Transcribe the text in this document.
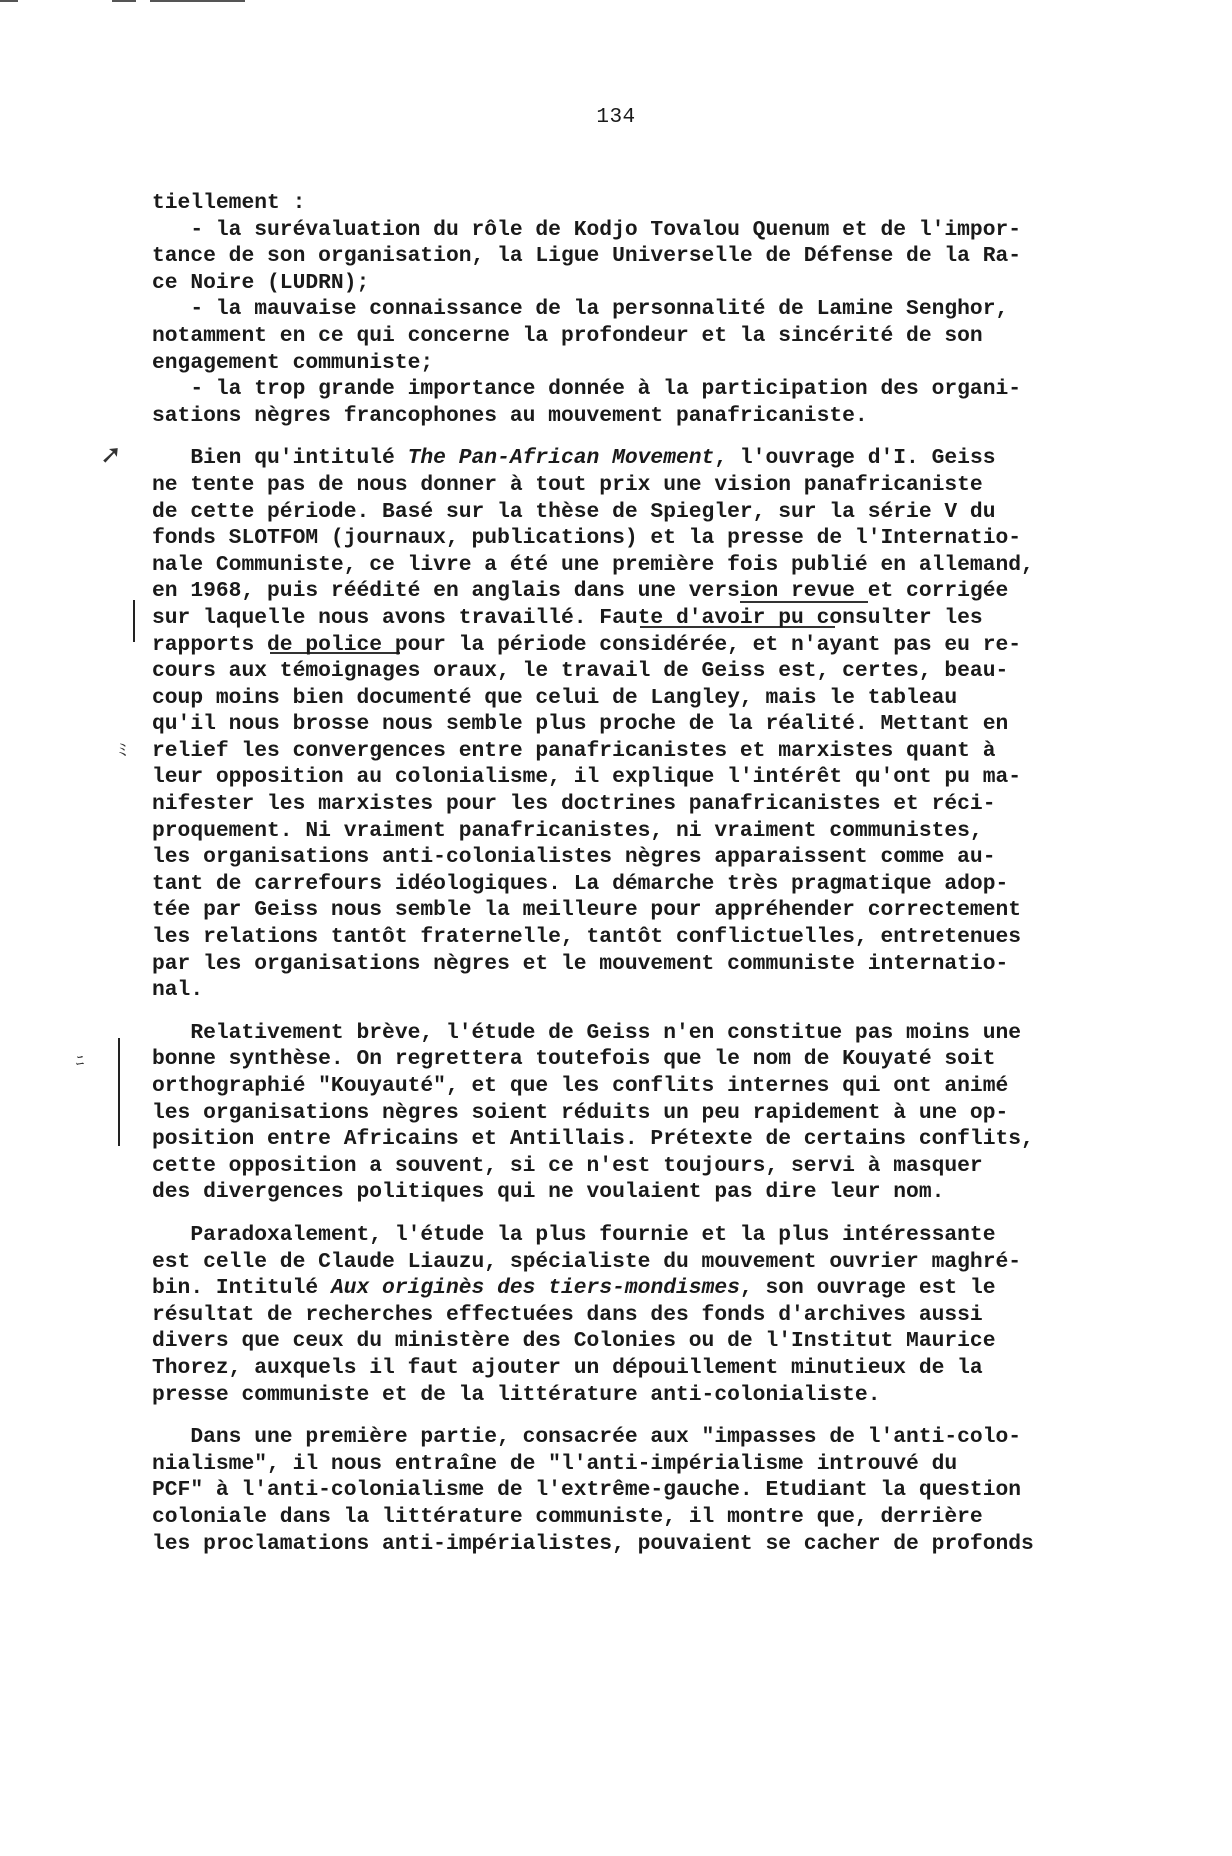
134
➚
ﾐ
ﾆ

tiellement :

- la surévaluation du rôle de Kodjo Tovalou Quenum et de l'impor-

tance de son organisation, la Ligue Universelle de Défense de la Ra-

ce Noire (LUDRN);

- la mauvaise connaissance de la personnalité de Lamine Senghor,

notamment en ce qui concerne la profondeur et la sincérité de son

engagement communiste;

- la trop grande importance donnée à la participation des organi-

sations nègres francophones au mouvement panafricaniste.

Bien qu'intitulé The Pan-African Movement, l'ouvrage d'I. Geiss

ne tente pas de nous donner à tout prix une vision panafricaniste

de cette période. Basé sur la thèse de Spiegler, sur la série V du

fonds SLOTFOM (journaux, publications) et la presse de l'Internatio-

nale Communiste, ce livre a été une première fois publié en allemand,

en 1968, puis réédité en anglais dans une version revue et corrigée

sur laquelle nous avons travaillé. Faute d'avoir pu consulter les

rapports de police pour la période considérée, et n'ayant pas eu re-

cours aux témoignages oraux, le travail de Geiss est, certes, beau-

coup moins bien documenté que celui de Langley, mais le tableau

qu'il nous brosse nous semble plus proche de la réalité. Mettant en

relief les convergences entre panafricanistes et marxistes quant à

leur opposition au colonialisme, il explique l'intérêt qu'ont pu ma-

nifester les marxistes pour les doctrines panafricanistes et réci-

proquement. Ni vraiment panafricanistes, ni vraiment communistes,

les organisations anti-colonialistes nègres apparaissent comme au-

tant de carrefours idéologiques. La démarche très pragmatique adop-

tée par Geiss nous semble la meilleure pour appréhender correctement

les relations tantôt fraternelle, tantôt conflictuelles, entretenues

par les organisations nègres et le mouvement communiste internatio-

nal.

Relativement brève, l'étude de Geiss n'en constitue pas moins une

bonne synthèse. On regrettera toutefois que le nom de Kouyaté soit

orthographié "Kouyauté", et que les conflits internes qui ont animé

les organisations nègres soient réduits un peu rapidement à une op-

position entre Africains et Antillais. Prétexte de certains conflits,

cette opposition a souvent, si ce n'est toujours, servi à masquer

des divergences politiques qui ne voulaient pas dire leur nom.

Paradoxalement, l'étude la plus fournie et la plus intéressante

est celle de Claude Liauzu, spécialiste du mouvement ouvrier maghré-

bin. Intitulé Aux originès des tiers-mondismes, son ouvrage est le

résultat de recherches effectuées dans des fonds d'archives aussi

divers que ceux du ministère des Colonies ou de l'Institut Maurice

Thorez, auxquels il faut ajouter un dépouillement minutieux de la

presse communiste et de la littérature anti-colonialiste.

Dans une première partie, consacrée aux "impasses de l'anti-colo-

nialisme", il nous entraîne de "l'anti-impérialisme introuvé du

PCF" à l'anti-colonialisme de l'extrême-gauche. Etudiant la question

coloniale dans la littérature communiste, il montre que, derrière

les proclamations anti-impérialistes, pouvaient se cacher de profonds
